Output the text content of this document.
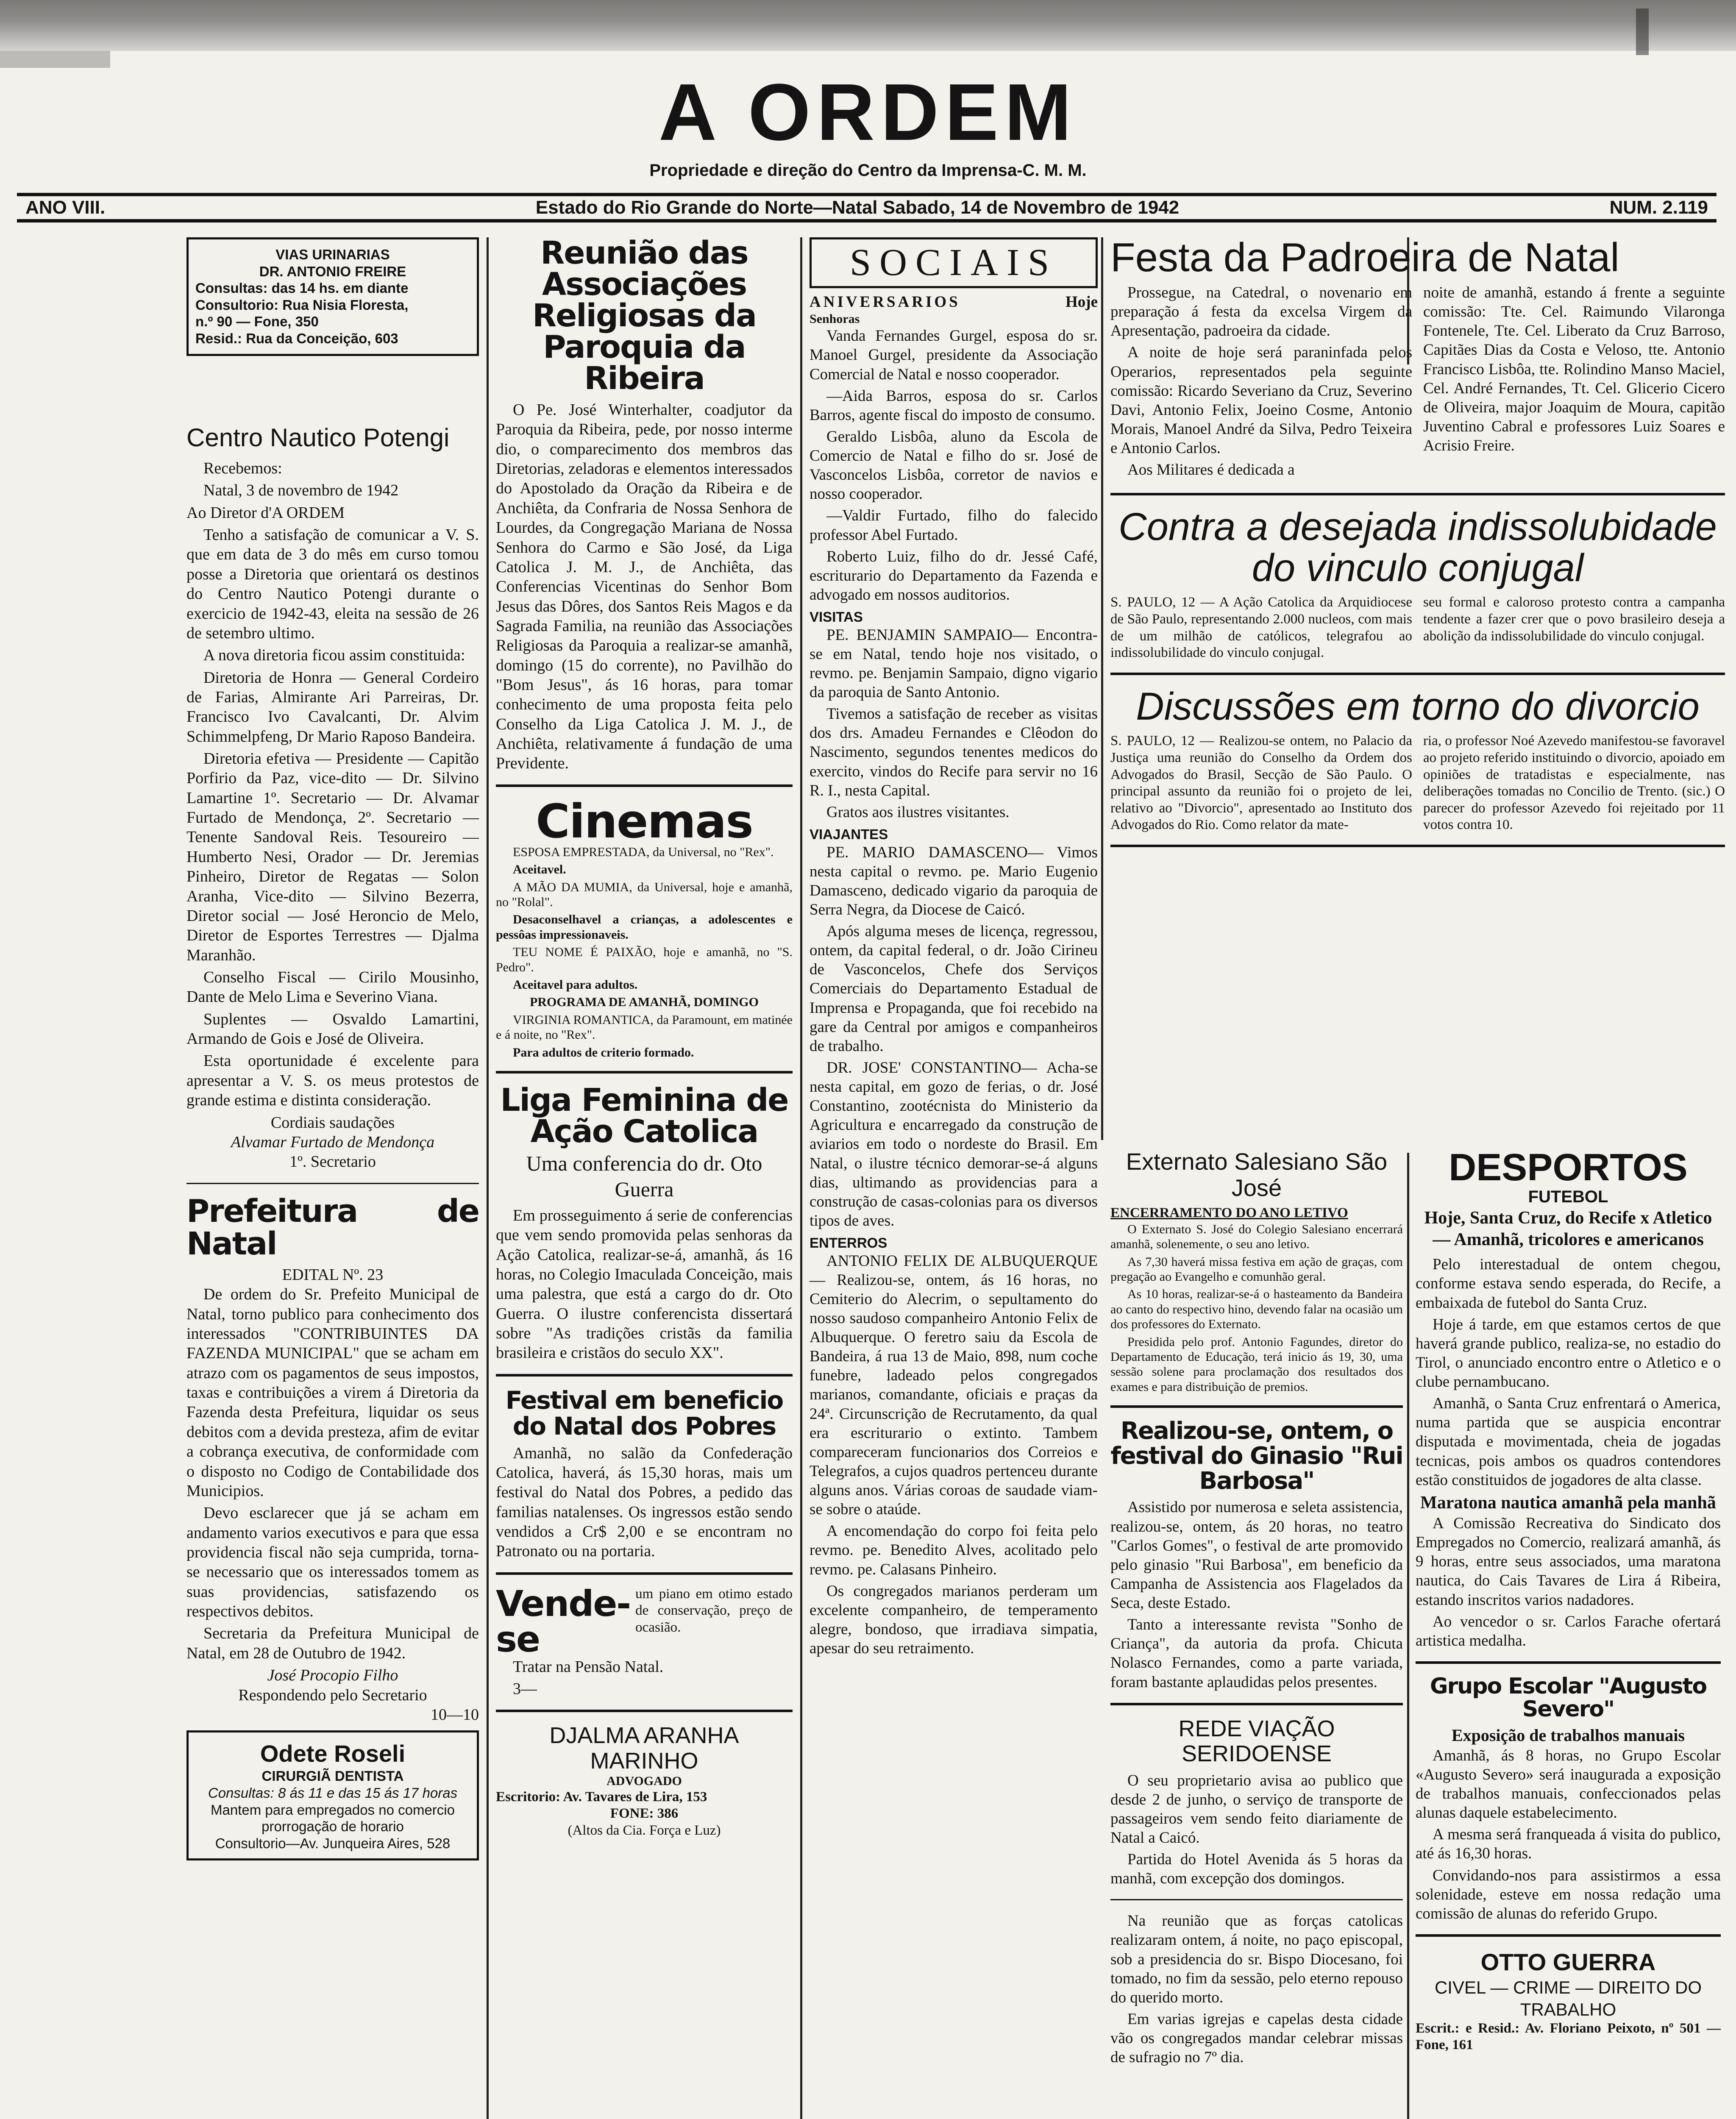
A ORDEM
Propriedade e direção do Centro da Imprensa-C. M. M.
ANO VIII.	Estado do Rio Grande do Norte—Natal Sabado, 14 de Novembro de 1942	NUM. 2.119
VIAS URINARIAS
DR. ANTONIO FREIRE
Consultas: das 14 hs. em diante
Consultorio: Rua Nisia Floresta,
n.º 90 — Fone, 350
Resid.: Rua da Conceição, 603
Centro Nautico Potengi

Recebemos:

Natal, 3 de novembro de 1942

Ao Diretor d'A ORDEM

Tenho a satisfação de comunicar a V. S. que em data de 3 do mês em curso tomou posse a Diretoria que orientará os destinos do Centro Nautico Potengi durante o exercicio de 1942-43, eleita na sessão de 26 de setembro ultimo.

A nova diretoria ficou assim constituida:

Diretoria de Honra — General Cordeiro de Farias, Almirante Ari Parreiras, Dr. Francisco Ivo Cavalcanti, Dr. Alvim Schimmelpfeng, Dr Mario Raposo Bandeira.

Diretoria efetiva — Presidente — Capitão Porfirio da Paz, vice-dito — Dr. Silvino Lamartine 1º. Secretario — Dr. Alvamar Furtado de Mendonça, 2º. Secretario — Tenente Sandoval Reis. Tesoureiro — Humberto Nesi, Orador — Dr. Jeremias Pinheiro, Diretor de Regatas — Solon Aranha, Vice-dito — Silvino Bezerra, Diretor social — José Heroncio de Melo, Diretor de Esportes Terrestres — Djalma Maranhão.

Conselho Fiscal — Cirilo Mousinho, Dante de Melo Lima e Severino Viana.

Suplentes — Osvaldo Lamartini, Armando de Gois e José de Oliveira.

Esta oportunidade é excelente para apresentar a V. S. os meus protestos de grande estima e distinta consideração.

Cordiais saudações
Alvamar Furtado de Mendonça
1º. Secretario
Prefeitura de Natal
EDITAL Nº. 23

De ordem do Sr. Prefeito Municipal de Natal, torno publico para conhecimento dos interessados "CONTRIBUINTES DA FAZENDA MUNICIPAL" que se acham em atrazo com os pagamentos de seus impostos, taxas e contribuições a virem á Diretoria da Fazenda desta Prefeitura, liquidar os seus debitos com a devida presteza, afim de evitar a cobrança executiva, de conformidade com o disposto no Codigo de Contabilidade dos Municipios.

Devo esclarecer que já se acham em andamento varios executivos e para que essa providencia fiscal não seja cumprida, torna-se necessario que os interessados tomem as suas providencias, satisfazendo os respectivos debitos.

Secretaria da Prefeitura Municipal de Natal, em 28 de Outubro de 1942.

José Procopio Filho
Respondendo pelo Secretario
10—10
Odete Roseli
CIRURGIÃ DENTISTA
Consultas: 8 ás 11 e das 15 ás 17 horas
Mantem para empregados no comercio prorrogação de horario
Consultorio—Av. Junqueira Aires, 528
Reunião das Associações Religiosas da Paroquia da Ribeira

O Pe. José Winterhalter, coadjutor da Paroquia da Ribeira, pede, por nosso interme dio, o comparecimento dos membros das Diretorias, zeladoras e elementos interessados do Apostolado da Oração da Ribeira e de Anchiêta, da Confraria de Nossa Senhora de Lourdes, da Congregação Mariana de Nossa Senhora do Carmo e São José, da Liga Catolica J. M. J., de Anchiêta, das Conferencias Vicentinas do Senhor Bom Jesus das Dôres, dos Santos Reis Magos e da Sagrada Familia, na reunião das Associações Religiosas da Paroquia a realizar-se amanhã, domingo (15 do corrente), no Pavilhão do "Bom Jesus", ás 16 horas, para tomar conhecimento de uma proposta feita pelo Conselho da Liga Catolica J. M. J., de Anchiêta, relativamente á fundação de uma Previdente.

Cinemas

ESPOSA EMPRESTADA, da Universal, no "Rex".

Aceitavel.

A MÃO DA MUMIA, da Universal, hoje e amanhã, no "Rolal".

Desaconselhavel a crianças, a adolescentes e pessôas impressionaveis.

TEU NOME É PAIXÃO, hoje e amanhã, no "S. Pedro".

Aceitavel para adultos.

PROGRAMA DE AMANHÃ, DOMINGO

VIRGINIA ROMANTICA, da Paramount, em matinée e á noite, no "Rex".

Para adultos de criterio formado.

Liga Feminina de Ação Catolica
Uma conferencia do dr. Oto Guerra

Em prosseguimento á serie de conferencias que vem sendo promovida pelas senhoras da Ação Catolica, realizar-se-á, amanhã, ás 16 horas, no Colegio Imaculada Conceição, mais uma palestra, que está a cargo do dr. Oto Guerra. O ilustre conferencista dissertará sobre "As tradições cristãs da familia brasileira e cristãos do seculo XX".

Festival em beneficio do Natal dos Pobres

Amanhã, no salão da Confederação Catolica, haverá, ás 15,30 horas, mais um festival do Natal dos Pobres, a pedido das familias natalenses. Os ingressos estão sendo vendidos a Cr$ 2,00 e se encontram no Patronato ou na portaria.

Vende-se
um piano em otimo estado de conservação, preço de ocasião.

Tratar na Pensão Natal.

3—

DJALMA ARANHA MARINHO
ADVOGADO
Escritorio: Av. Tavares de Lira, 153
FONE: 386
(Altos da Cia. Força e Luz)
SOCIAIS
ANIVERSARIOS	Hoje
Senhoras

Vanda Fernandes Gurgel, esposa do sr. Manoel Gurgel, presidente da Associação Comercial de Natal e nosso cooperador.

—Aida Barros, esposa do sr. Carlos Barros, agente fiscal do imposto de consumo.

Geraldo Lisbôa, aluno da Escola de Comercio de Natal e filho do sr. José de Vasconcelos Lisbôa, corretor de navios e nosso cooperador.

—Valdir Furtado, filho do falecido professor Abel Furtado.

Roberto Luiz, filho do dr. Jessé Café, escriturario do Departamento da Fazenda e advogado em nossos auditorios.

VISITAS

PE. BENJAMIN SAMPAIO— Encontra-se em Natal, tendo hoje nos visitado, o revmo. pe. Benjamin Sampaio, digno vigario da paroquia de Santo Antonio.

Tivemos a satisfação de receber as visitas dos drs. Amadeu Fernandes e Clêodon do Nascimento, segundos tenentes medicos do exercito, vindos do Recife para servir no 16 R. I., nesta Capital.

Gratos aos ilustres visitantes.

VIAJANTES

PE. MARIO DAMASCENO— Vimos nesta capital o revmo. pe. Mario Eugenio Damasceno, dedicado vigario da paroquia de Serra Negra, da Diocese de Caicó.

Após alguma meses de licença, regressou, ontem, da capital federal, o dr. João Cirineu de Vasconcelos, Chefe dos Serviços Comerciais do Departamento Estadual de Imprensa e Propaganda, que foi recebido na gare da Central por amigos e companheiros de trabalho.

DR. JOSE' CONSTANTINO— Acha-se nesta capital, em gozo de ferias, o dr. José Constantino, zootécnista do Ministerio da Agricultura e encarregado da construção de aviarios em todo o nordeste do Brasil. Em Natal, o ilustre técnico demorar-se-á alguns dias, ultimando as providencias para a construção de casas-colonias para os diversos tipos de aves.

ENTERROS

ANTONIO FELIX DE ALBUQUERQUE — Realizou-se, ontem, ás 16 horas, no Cemiterio do Alecrim, o sepultamento do nosso saudoso companheiro Antonio Felix de Albuquerque. O feretro saiu da Escola de Bandeira, á rua 13 de Maio, 898, num coche funebre, ladeado pelos congregados marianos, comandante, oficiais e praças da 24ª. Circunscrição de Recrutamento, da qual era escriturario o extinto. Tambem compareceram funcionarios dos Correios e Telegrafos, a cujos quadros pertenceu durante alguns anos. Várias coroas de saudade viam-se sobre o ataúde.

A encomendação do corpo foi feita pelo revmo. pe. Benedito Alves, acolitado pelo revmo. pe. Calasans Pinheiro.

Os congregados marianos perderam um excelente companheiro, de temperamento alegre, bondoso, que irradiava simpatia, apesar do seu retraimento.

Festa da Padroeira de Natal

Prossegue, na Catedral, o novenario em preparação á festa da excelsa Virgem da Apresentação, padroeira da cidade.

A noite de hoje será paraninfada pelos Operarios, representados pela seguinte comissão: Ricardo Severiano da Cruz, Severino Davi, Antonio Felix, Joeino Cosme, Antonio Morais, Manoel André da Silva, Pedro Teixeira e Antonio Carlos.

Aos Militares é dedicada a

noite de amanhã, estando á frente a seguinte comissão: Tte. Cel. Raimundo Vilaronga Fontenele, Tte. Cel. Liberato da Cruz Barroso, Capitães Dias da Costa e Veloso, tte. Antonio Francisco Lisbôa, tte. Rolindino Manso Maciel, Cel. André Fernandes, Tt. Cel. Glicerio Cicero de Oliveira, major Joaquim de Moura, capitão Juventino Cabral e professores Luiz Soares e Acrisio Freire.

Contra a desejada indissolubidade do vinculo conjugal
S. PAULO, 12 — A Ação Catolica da Arquidiocese de São Paulo, representando 2.000 nucleos, com mais de um milhão de católicos, telegrafou ao indissolubilidade do vinculo conjugal.
seu formal e caloroso protesto contra a campanha tendente a fazer crer que o povo brasileiro deseja a abolição da indissolubilidade do vinculo conjugal.
Discussões em torno do divorcio
S. PAULO, 12 — Realizou-se ontem, no Palacio da Justiça uma reunião do Conselho da Ordem dos Advogados do Brasil, Secção de São Paulo. O principal assunto da reunião foi o projeto de lei, relativo ao "Divorcio", apresentado ao Instituto dos Advogados do Rio. Como relator da mate-
ria, o professor Noé Azevedo manifestou-se favoravel ao projeto referido instituindo o divorcio, apoiado em opiniões de tratadistas e especialmente, nas deliberações tomadas no Concilio de Trento. (sic.) O parecer do professor Azevedo foi rejeitado por 11 votos contra 10.
Externato Salesiano São José
ENCERRAMENTO DO ANO LETIVO

O Externato S. José do Colegio Salesiano encerrará amanhã, solenemente, o seu ano letivo.

As 7,30 haverá missa festiva em ação de graças, com pregação ao Evangelho e comunhão geral.

As 10 horas, realizar-se-á o hasteamento da Bandeira ao canto do respectivo hino, devendo falar na ocasião um dos professores do Externato.

Presidida pelo prof. Antonio Fagundes, diretor do Departamento de Educação, terá inicio ás 19, 30, uma sessão solene para proclamação dos resultados dos exames e para distribuição de premios.

Realizou-se, ontem, o festival do Ginasio "Rui Barbosa"

Assistido por numerosa e seleta assistencia, realizou-se, ontem, ás 20 horas, no teatro "Carlos Gomes", o festival de arte promovido pelo ginasio "Rui Barbosa", em beneficio da Campanha de Assistencia aos Flagelados da Seca, deste Estado.

Tanto a interessante revista "Sonho de Criança", da autoria da profa. Chicuta Nolasco Fernandes, como a parte variada, foram bastante aplaudidas pelos presentes.

REDE VIAÇÃO SERIDOENSE

O seu proprietario avisa ao publico que desde 2 de junho, o serviço de transporte de passageiros vem sendo feito diariamente de Natal a Caicó.

Partida do Hotel Avenida ás 5 horas da manhã, com excepção dos domingos.

Na reunião que as forças catolicas realizaram ontem, á noite, no paço episcopal, sob a presidencia do sr. Bispo Diocesano, foi tomado, no fim da sessão, pelo eterno repouso do querido morto.

Em varias igrejas e capelas desta cidade vão os congregados mandar celebrar missas de sufragio no 7º dia.

DESPORTOS
FUTEBOL
Hoje, Santa Cruz, do Recife x Atletico — Amanhã, tricolores e americanos

Pelo interestadual de ontem chegou, conforme estava sendo esperada, do Recife, a embaixada de futebol do Santa Cruz.

Hoje á tarde, em que estamos certos de que haverá grande publico, realiza-se, no estadio do Tirol, o anunciado encontro entre o Atletico e o clube pernambucano.

Amanhã, o Santa Cruz enfrentará o America, numa partida que se auspicia encontrar disputada e movimentada, cheia de jogadas tecnicas, pois ambos os quadros contendores estão constituidos de jogadores de alta classe.

Maratona nautica amanhã pela manhã

A Comissão Recreativa do Sindicato dos Empregados no Comercio, realizará amanhã, ás 9 horas, entre seus associados, uma maratona nautica, do Cais Tavares de Lira á Ribeira, estando inscritos varios nadadores.

Ao vencedor o sr. Carlos Farache ofertará artistica medalha.

Grupo Escolar "Augusto Severo"
Exposição de trabalhos manuais

Amanhã, ás 8 horas, no Grupo Escolar «Augusto Severo» será inaugurada a exposição de trabalhos manuais, confeccionados pelas alunas daquele estabelecimento.

A mesma será franqueada á visita do publico, até ás 16,30 horas.

Convidando-nos para assistirmos a essa solenidade, esteve em nossa redação uma comissão de alunas do referido Grupo.

OTTO GUERRA
CIVEL — CRIME — DIREITO DO TRABALHO
Escrit.: e Resid.: Av. Floriano Peixoto, nº 501 — Fone, 161
